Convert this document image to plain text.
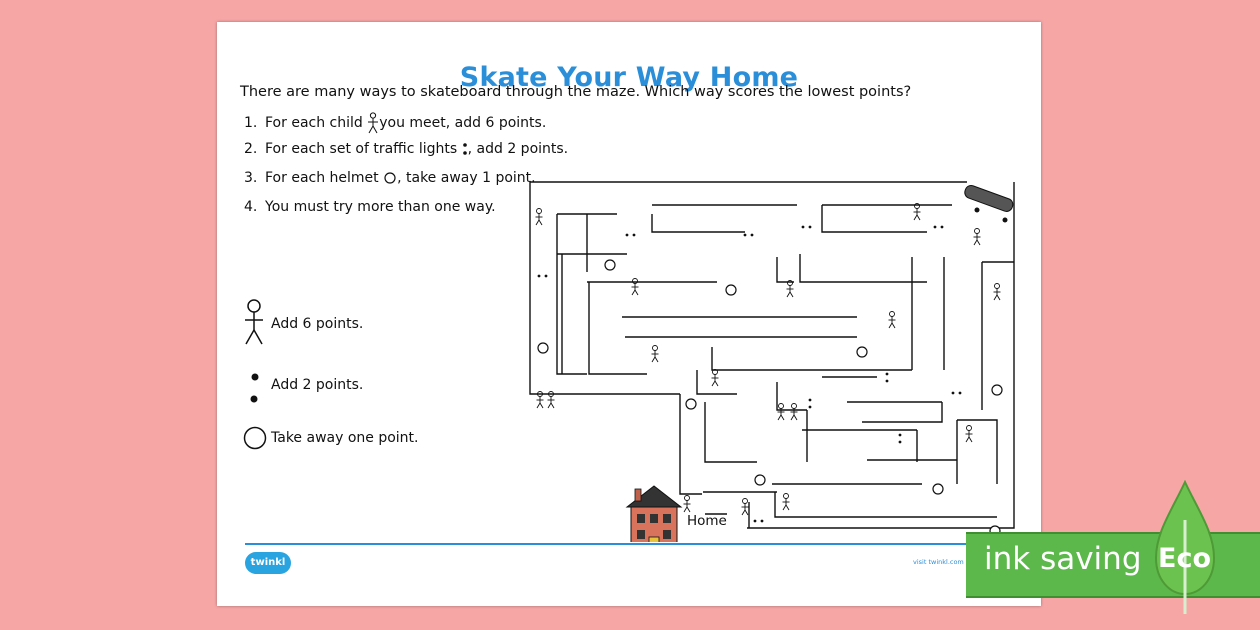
Skate Your Way Home
There are many ways to skateboard through the maze. Which way scores the lowest points?
1. For each child you meet, add 6 points.
2. For each set of traffic lights , add 2 points.
3. For each helmet , take away 1 point.
4. You must try more than one way.
Add 6 points.
Add 2 points.
Take away one point.
Home
twinkl	visit twinkl.com ink saving Eco
